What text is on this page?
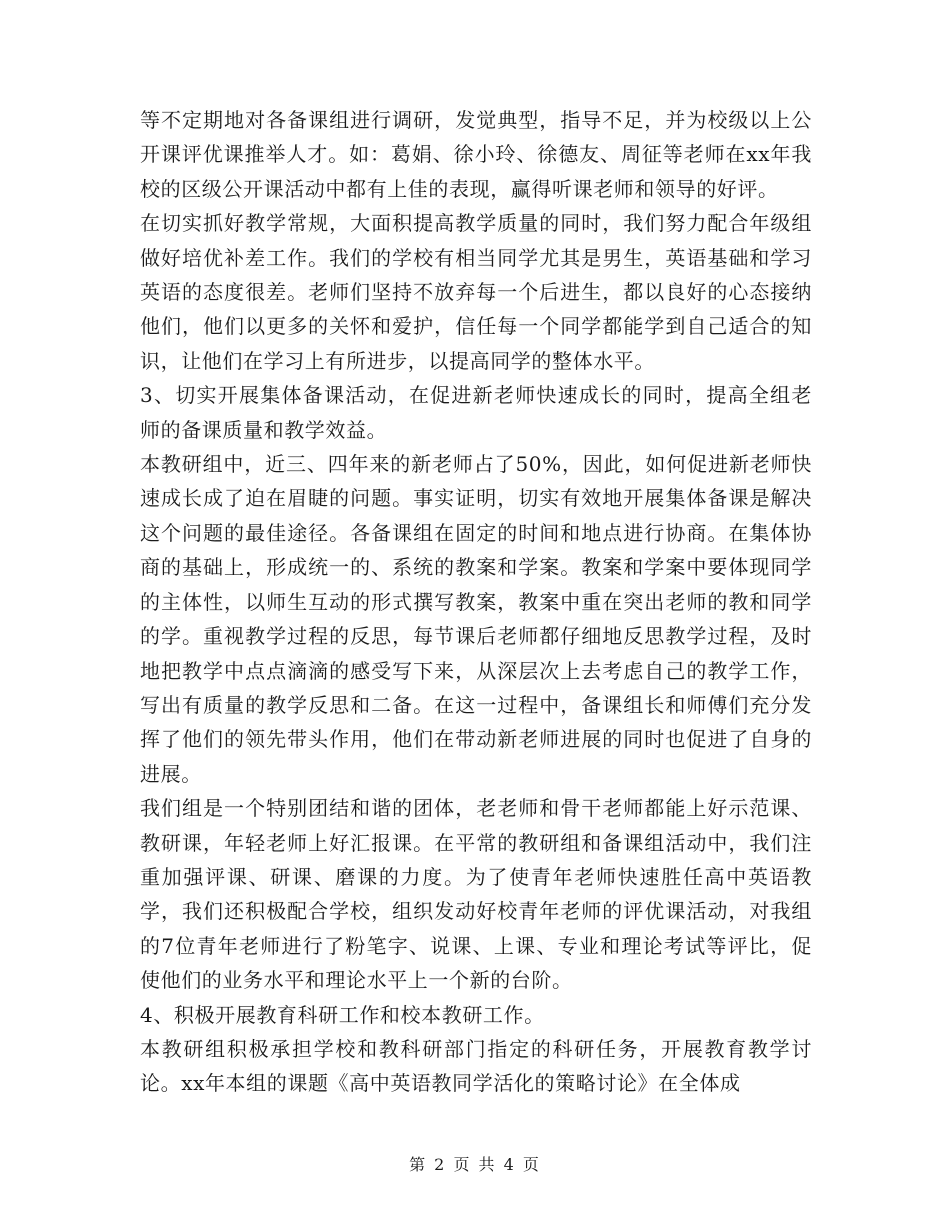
等不定期地对各备课组进行调研，发觉典型，指导不足，并为校级以上公开课评优课推举人才。如：葛娟、徐小玲、徐德友、周征等老师在xx年我校的区级公开课活动中都有上佳的表现，赢得听课老师和领导的好评。

在切实抓好教学常规，大面积提高教学质量的同时，我们努力配合年级组做好培优补差工作。我们的学校有相当同学尤其是男生，英语基础和学习英语的态度很差。老师们坚持不放弃每一个后进生，都以良好的心态接纳他们，他们以更多的关怀和爱护，信任每一个同学都能学到自己适合的知识，让他们在学习上有所进步，以提高同学的整体水平。

3、切实开展集体备课活动，在促进新老师快速成长的同时，提高全组老师的备课质量和教学效益。

本教研组中，近三、四年来的新老师占了50%，因此，如何促进新老师快速成长成了迫在眉睫的问题。事实证明，切实有效地开展集体备课是解决这个问题的最佳途径。各备课组在固定的时间和地点进行协商。在集体协商的基础上，形成统一的、系统的教案和学案。教案和学案中要体现同学的主体性，以师生互动的形式撰写教案，教案中重在突出老师的教和同学的学。重视教学过程的反思，每节课后老师都仔细地反思教学过程，及时地把教学中点点滴滴的感受写下来，从深层次上去考虑自己的教学工作，写出有质量的教学反思和二备。在这一过程中，备课组长和师傅们充分发挥了他们的领先带头作用，他们在带动新老师进展的同时也促进了自身的进展。

我们组是一个特别团结和谐的团体，老老师和骨干老师都能上好示范课、教研课，年轻老师上好汇报课。在平常的教研组和备课组活动中，我们注重加强评课、研课、磨课的力度。为了使青年老师快速胜任高中英语教学，我们还积极配合学校，组织发动好校青年老师的评优课活动，对我组的7位青年老师进行了粉笔字、说课、上课、专业和理论考试等评比，促使他们的业务水平和理论水平上一个新的台阶。

4、积极开展教育科研工作和校本教研工作。

本教研组积极承担学校和教科研部门指定的科研任务，开展教育教学讨论。xx年本组的课题《高中英语教同学活化的策略讨论》在全体成

第 2 页 共 4 页
